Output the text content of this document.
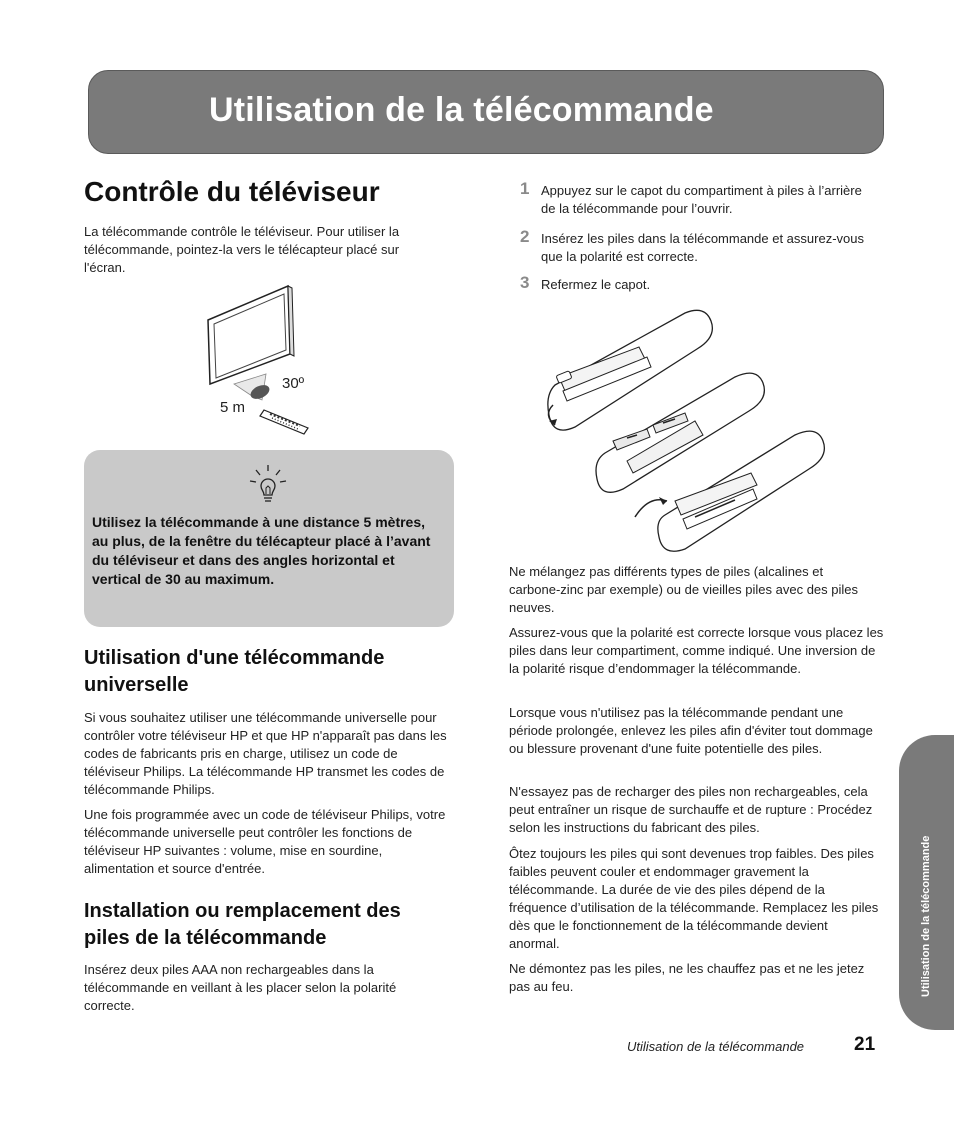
Utilisation de la télécommande
Contrôle du téléviseur

La télécommande contrôle le téléviseur. Pour utiliser la télécommande, pointez-la vers le télécapteur placé sur l'écran.

30º
5 m

Utilisez la télécommande à une distance 5 mètres, au plus, de la fenêtre du télécapteur placé à l’avant du téléviseur et dans des angles horizontal et vertical de 30 au maximum.

Utilisation d'une télécommande universelle

Si vous souhaitez utiliser une télécommande universelle pour contrôler votre téléviseur HP et que HP n'apparaît pas dans les codes de fabricants pris en charge, utilisez un code de téléviseur Philips. La télécommande HP transmet les codes de télécommande Philips.

Une fois programmée avec un code de téléviseur Philips, votre télécommande universelle peut contrôler les fonctions de téléviseur HP suivantes : volume, mise en sourdine, alimentation et source d'entrée.

Installation ou remplacement des piles de la télécommande

Insérez deux piles AAA non rechargeables dans la télécommande en veillant à les placer selon la polarité correcte.

1 Appuyez sur le capot du compartiment à piles à l’arrière de la télécommande pour l’ouvrir.

2 Insérez les piles dans la télécommande et assurez-vous que la polarité est correcte.

3 Refermez le capot.

Ne mélangez pas différents types de piles (alcalines et carbone-zinc par exemple) ou de vieilles piles avec des piles neuves.

Assurez-vous que la polarité est correcte lorsque vous placez les piles dans leur compartiment, comme indiqué. Une inversion de la polarité risque d’endommager la télécommande.

Lorsque vous n'utilisez pas la télécommande pendant une période prolongée, enlevez les piles afin d'éviter tout dommage ou blessure provenant d'une fuite potentielle des piles.

N'essayez pas de recharger des piles non rechargeables, cela peut entraîner un risque de surchauffe et de rupture : Procédez selon les instructions du fabricant des piles.

Ôtez toujours les piles qui sont devenues trop faibles. Des piles faibles peuvent couler et endommager gravement la télécommande. La durée de vie des piles dépend de la fréquence d’utilisation de la télécommande. Remplacez les piles dès que le fonctionnement de la télécommande devient anormal.

Ne démontez pas les piles, ne les chauffez pas et ne les jetez pas au feu.	Utilisation de la télécommande
Utilisation de la télécommande	21
